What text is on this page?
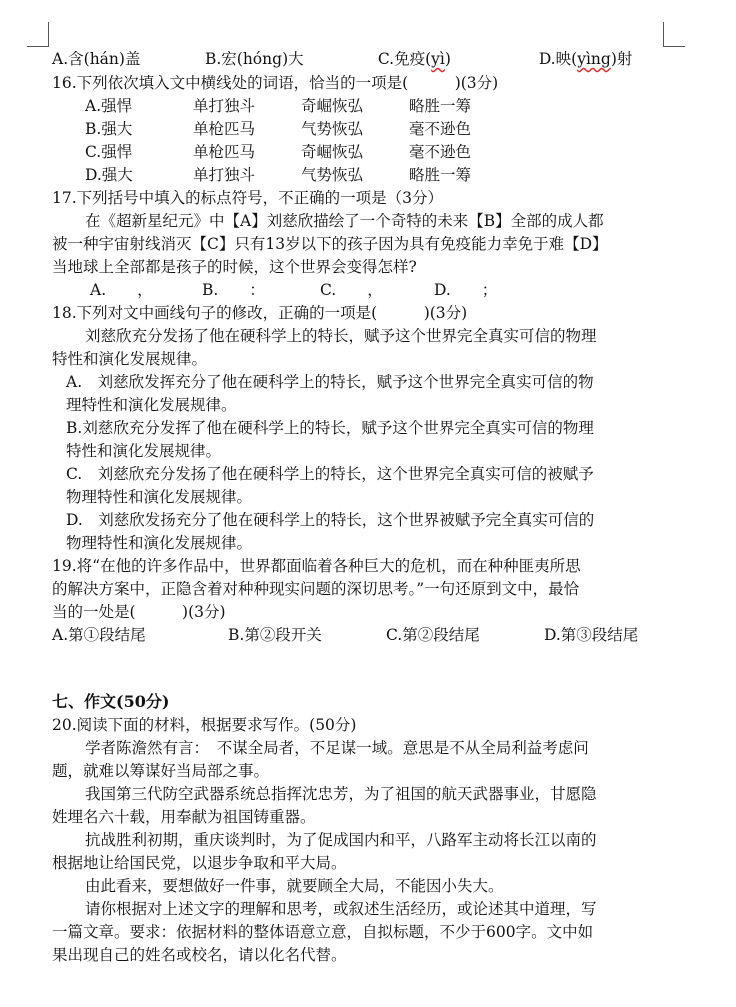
A.含(hán)盖	B.宏(hóng)大	C.免疫(yì)	D.映(yìng)射
16.下列依次填入文中横线处的词语，恰当的一项是(　　　)(3分)
A.强悍	单打独斗	奇崛恢弘	略胜一筹
B.强大	单枪匹马	气势恢弘	毫不逊色
C.强悍	单枪匹马	奇崛恢弘	毫不逊色
D.强大	单打独斗	气势恢弘	略胜一筹
17.下列括号中填入的标点符号，不正确的一项是（3分）
在《超新星纪元》中【A】刘慈欣描绘了一个奇特的未来【B】全部的成人都
被一种宇宙射线消灭【C】只有13岁以下的孩子因为具有免疫能力幸免于难【D】
当地球上全部都是孩子的时候，这个世界会变得怎样?
A.　　，	B.　　：	C.　　，	D.　　；
18.下列对文中画线句子的修改，正确的一项是(　　　)(3分)
刘慈欣充分发扬了他在硬科学上的特长，赋予这个世界完全真实可信的物理
特性和演化发展规律。
A.　刘慈欣发挥充分了他在硬科学上的特长，赋予这个世界完全真实可信的物
理特性和演化发展规律。
B.刘慈欣充分发挥了他在硬科学上的特长，赋予这个世界完全真实可信的物理
特性和演化发展规律。
C.　刘慈欣充分发扬了他在硬科学上的特长，这个世界完全真实可信的被赋予
物理特性和演化发展规律。
D.　刘慈欣发扬充分了他在硬科学上的特长，这个世界被赋予完全真实可信的
物理特性和演化发展规律。
19.将“在他的许多作品中，世界都面临着各种巨大的危机，而在种种匪夷所思
的解决方案中，正隐含着对种种现实问题的深切思考。”一句还原到文中，最恰
当的一处是(　　　)(3分)
A.第①段结尾	B.第②段开关	C.第②段结尾	D.第③段结尾
七、作文(50分)
20.阅读下面的材料，根据要求写作。(50分)
学者陈澹然有言：　不谋全局者，不足谋一域。意思是不从全局利益考虑问
题，就难以筹谋好当局部之事。
我国第三代防空武器系统总指挥沈忠芳，为了祖国的航天武器事业，甘愿隐
姓埋名六十载，用奉献为祖国铸重器。
抗战胜利初期，重庆谈判时，为了促成国内和平，八路军主动将长江以南的
根据地让给国民党，以退步争取和平大局。
由此看来，要想做好一件事，就要顾全大局，不能因小失大。
请你根据对上述文字的理解和思考，或叙述生活经历，或论述其中道理，写
一篇文章。要求：依据材料的整体语意立意，自拟标题，不少于600字。文中如
果出现自己的姓名或校名，请以化名代替。
